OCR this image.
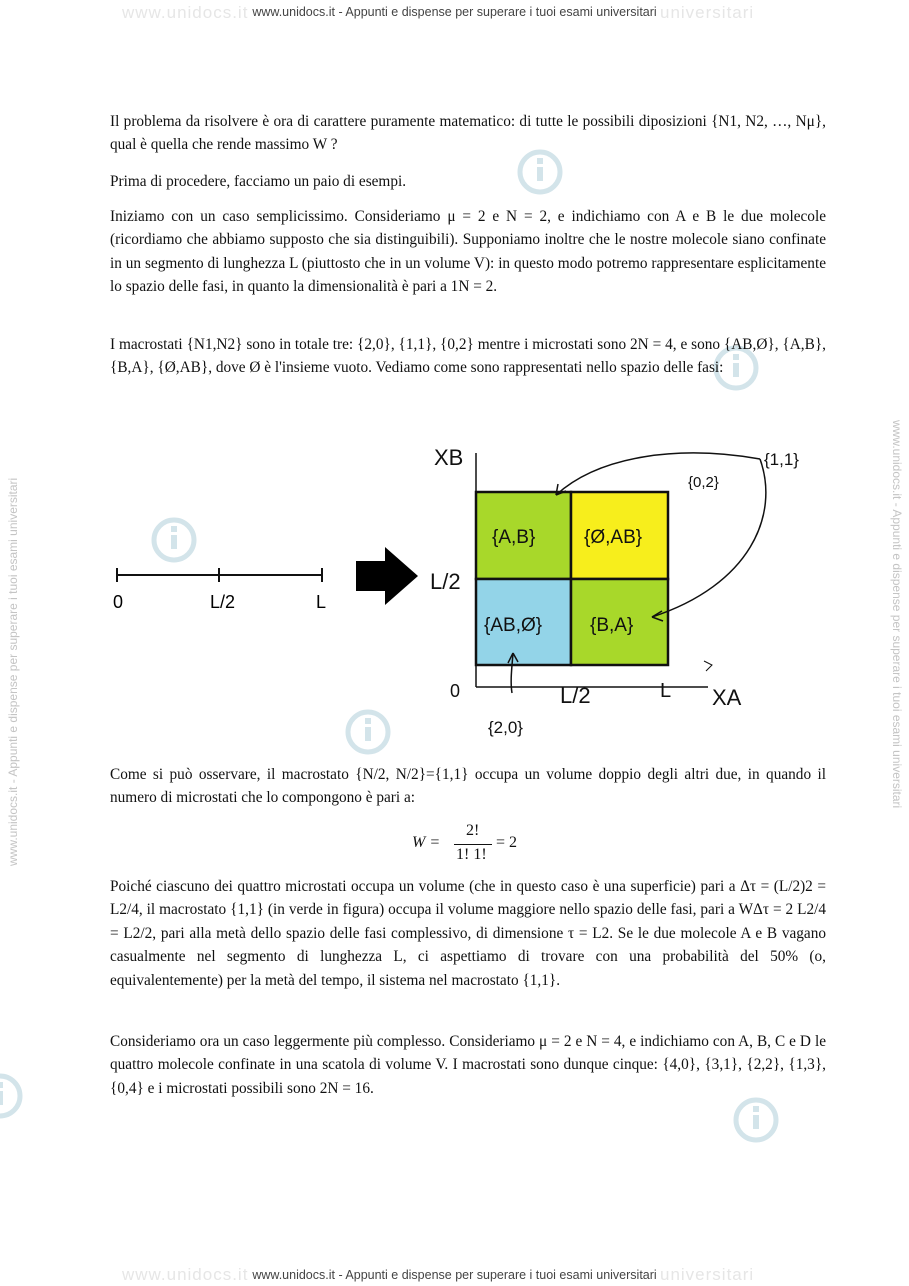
www.unidocs.it	universitari
www.unidocs.it - Appunti e dispense per superare i tuoi esami universitari
www.unidocs.it	universitari
www.unidocs.it - Appunti e dispense per superare i tuoi esami universitari
www.unidocs.it - Appunti e dispense per superare i tuoi esami universitari	www.unidocs.it - Appunti e dispense per superare i tuoi esami universitari

Il problema da risolvere è ora di carattere puramente matematico: di tutte le possibili diposizioni {N1, N2, …, Nμ}, qual è quella che rende massimo W ?

Prima di procedere, facciamo un paio di esempi.

Iniziamo con un caso semplicissimo. Consideriamo μ = 2 e N = 2, e indichiamo con A e B le due molecole (ricordiamo che abbiamo supposto che sia distinguibili). Supponiamo inoltre che le nostre molecole siano confinate in un segmento di lunghezza L (piuttosto che in un volume V): in questo modo potremo rappresentare esplicitamente lo spazio delle fasi, in quanto la dimensionalità è pari a 1N = 2.

I macrostati {N1,N2} sono in totale tre: {2,0}, {1,1}, {0,2} mentre i microstati sono 2N = 4, e sono {AB,Ø}, {A,B}, {B,A}, {Ø,AB}, dove Ø è l'insieme vuoto. Vediamo come sono rappresentati nello spazio delle fasi:

0	L/2	L
{A,B}	{Ø,AB}
{AB,Ø}	{B,A}
XB
XA
0
L/2
L/2	L
{1,1}
{0,2}
{2,0}

Come si può osservare, il macrostato {N/2, N/2}={1,1} occupa un volume doppio degli altri due, in quando il numero di microstati che lo compongono è pari a:

W =
2!
1! 1!
= 2

Poiché ciascuno dei quattro microstati occupa un volume (che in questo caso è una superficie) pari a Δτ = (L/2)2 = L2/4, il macrostato {1,1} (in verde in figura) occupa il volume maggiore nello spazio delle fasi, pari a WΔτ = 2 L2/4 = L2/2, pari alla metà dello spazio delle fasi complessivo, di dimensione τ = L2. Se le due molecole A e B vagano casualmente nel segmento di lunghezza L, ci aspettiamo di trovare con una probabilità del 50% (o, equivalentemente) per la metà del tempo, il sistema nel macrostato {1,1}.

Consideriamo ora un caso leggermente più complesso. Consideriamo μ = 2 e N = 4, e indichiamo con A, B, C e D le quattro molecole confinate in una scatola di volume V. I macrostati sono dunque cinque: {4,0}, {3,1}, {2,2}, {1,3}, {0,4} e i microstati possibili sono 2N = 16.
